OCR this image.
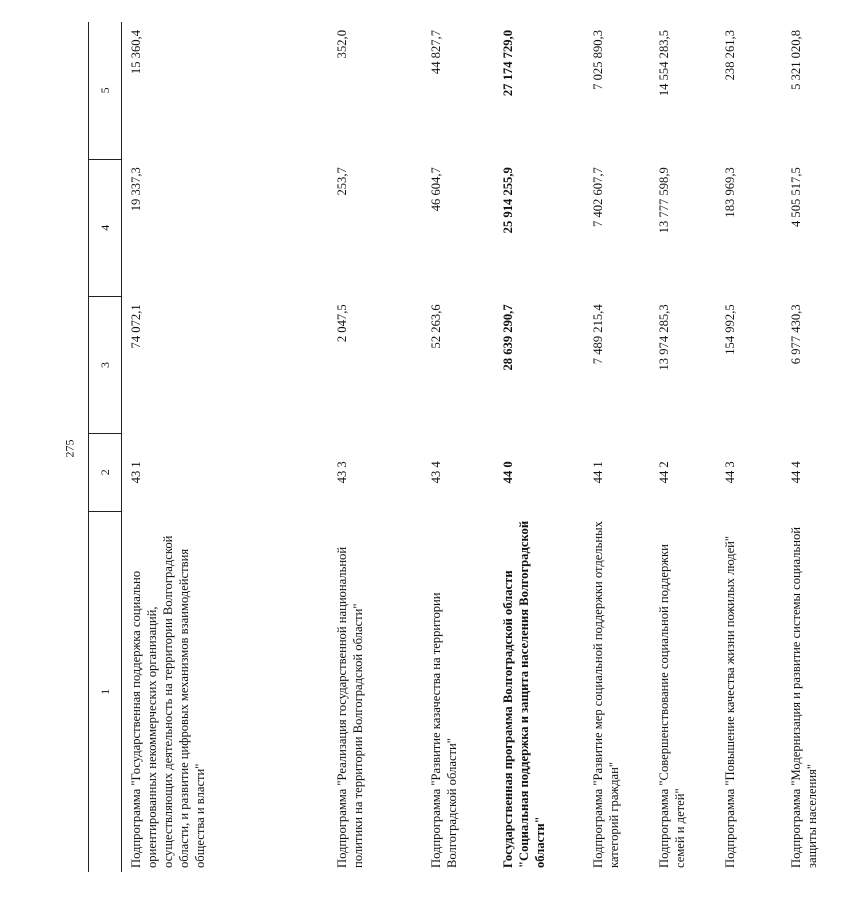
275
1	2	3	4	5
Подпрограмма "Государственная поддержка социально ориентированных некоммерческих организаций, осуществляющих деятельность на территории Волгоградской области, и развитие цифровых механизмов взаимодействия общества и власти"	43 1	74 072,1	19 337,3	15 360,4
Подпрограмма "Реализация государственной национальной политики на территории Волгоградской области"	43 3	2 047,5	253,7	352,0
Подпрограмма "Развитие казачества на территории Волгоградской области"	43 4	52 263,6	46 604,7	44 827,7
Государственная программа Волгоградской области "Социальная поддержка и защита населения Волгоградской области"	44 0	28 639 290,7	25 914 255,9	27 174 729,0
Подпрограмма "Развитие мер социальной поддержки отдельных категорий граждан"	44 1	7 489 215,4	7 402 607,7	7 025 890,3
Подпрограмма "Совершенствование социальной поддержки семей и детей"	44 2	13 974 285,3	13 777 598,9	14 554 283,5
Подпрограмма "Повышение качества жизни пожилых людей"	44 3	154 992,5	183 969,3	238 261,3
Подпрограмма "Модернизация и развитие системы социальной защиты населения"	44 4	6 977 430,3	4 505 517,5	5 321 020,8
